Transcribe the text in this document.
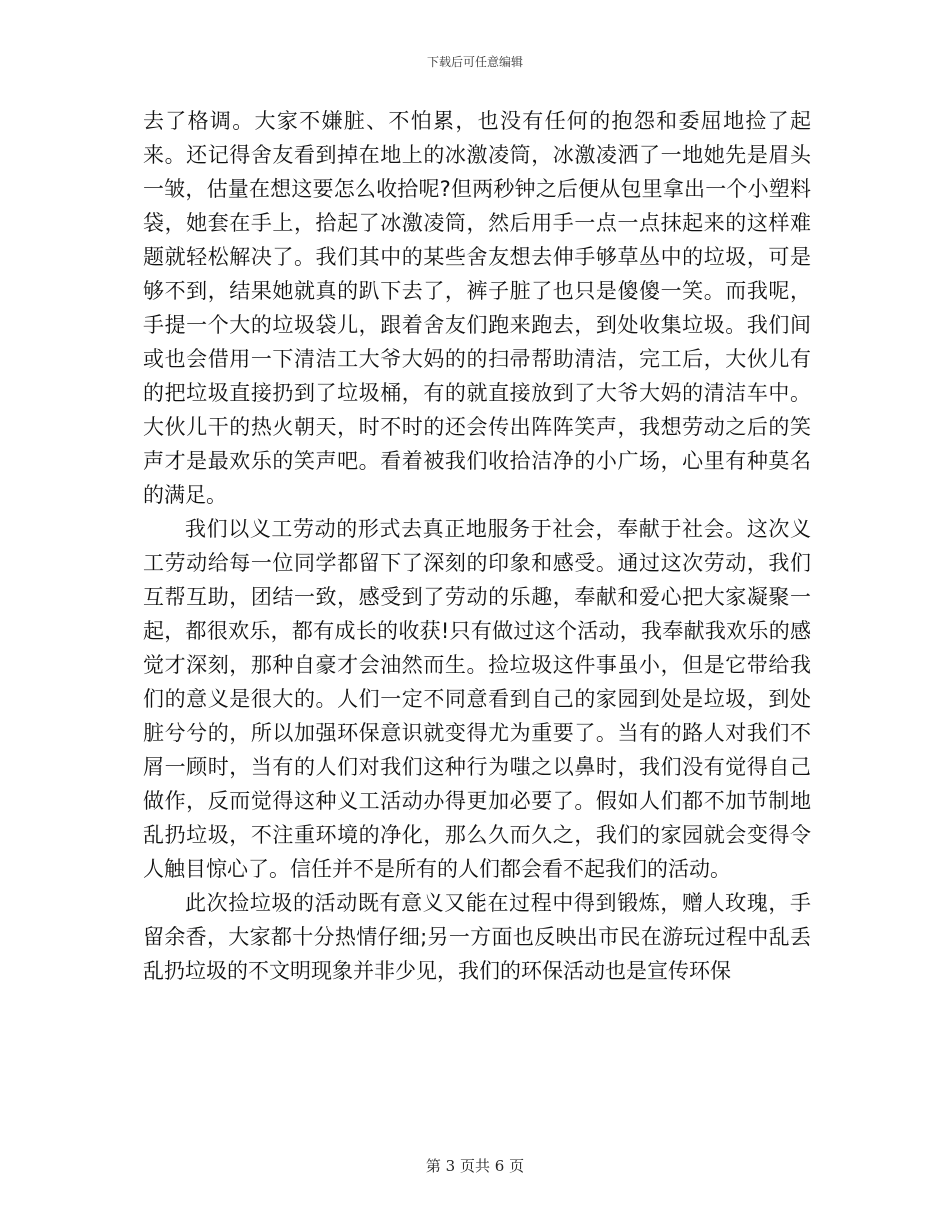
下载后可任意编辑

去了格调。大家不嫌脏、不怕累，也没有任何的抱怨和委屈地捡了起来。还记得舍友看到掉在地上的冰激凌筒，冰激凌洒了一地她先是眉头一皱，估量在想这要怎么收拾呢?但两秒钟之后便从包里拿出一个小塑料袋，她套在手上，拾起了冰激凌筒，然后用手一点一点抹起来的这样难题就轻松解决了。我们其中的某些舍友想去伸手够草丛中的垃圾，可是够不到，结果她就真的趴下去了，裤子脏了也只是傻傻一笑。而我呢，手提一个大的垃圾袋儿，跟着舍友们跑来跑去，到处收集垃圾。我们间或也会借用一下清洁工大爷大妈的的扫帚帮助清洁，完工后，大伙儿有的把垃圾直接扔到了垃圾桶，有的就直接放到了大爷大妈的清洁车中。大伙儿干的热火朝天，时不时的还会传出阵阵笑声，我想劳动之后的笑声才是最欢乐的笑声吧。看着被我们收拾洁净的小广场，心里有种莫名的满足。

我们以义工劳动的形式去真正地服务于社会，奉献于社会。这次义工劳动给每一位同学都留下了深刻的印象和感受。通过这次劳动，我们互帮互助，团结一致，感受到了劳动的乐趣，奉献和爱心把大家凝聚一起，都很欢乐，都有成长的收获!只有做过这个活动，我奉献我欢乐的感觉才深刻，那种自豪才会油然而生。捡垃圾这件事虽小，但是它带给我们的意义是很大的。人们一定不同意看到自己的家园到处是垃圾，到处脏兮兮的，所以加强环保意识就变得尤为重要了。当有的路人对我们不屑一顾时，当有的人们对我们这种行为嗤之以鼻时，我们没有觉得自己做作，反而觉得这种义工活动办得更加必要了。假如人们都不加节制地乱扔垃圾，不注重环境的净化，那么久而久之，我们的家园就会变得令人触目惊心了。信任并不是所有的人们都会看不起我们的活动。

此次捡垃圾的活动既有意义又能在过程中得到锻炼，赠人玫瑰，手留余香，大家都十分热情仔细;另一方面也反映出市民在游玩过程中乱丢乱扔垃圾的不文明现象并非少见，我们的环保活动也是宣传环保

第 3 页共 6 页
